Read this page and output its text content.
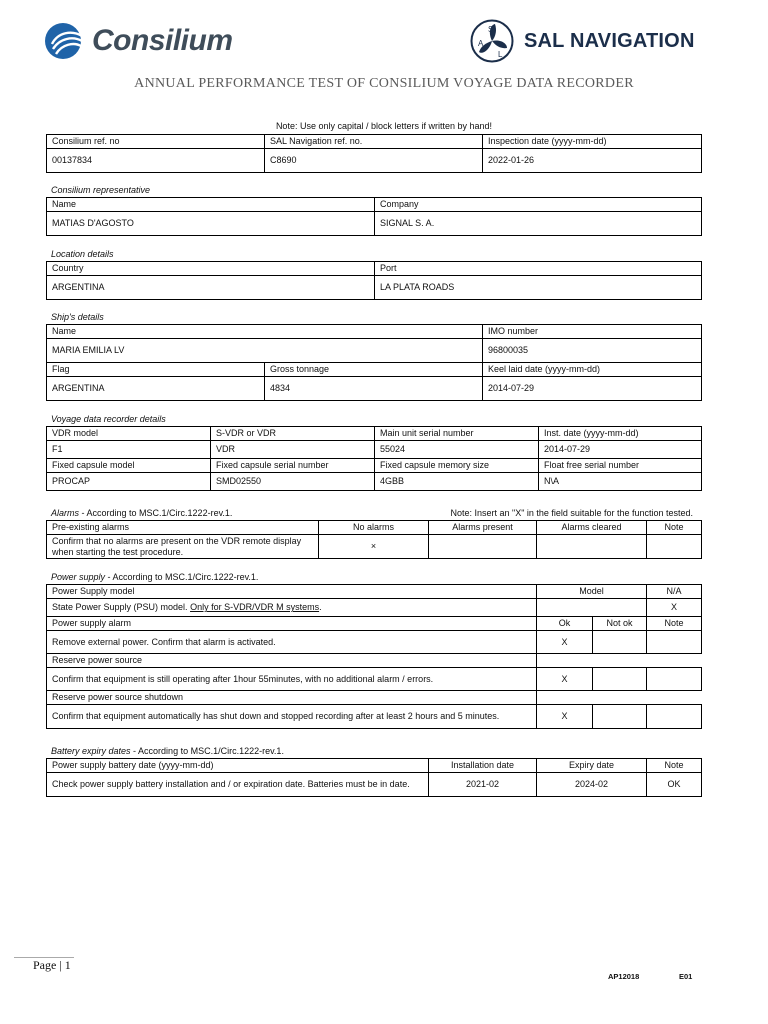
Consilium	S
A
L
SAL NAVIGATION
ANNUAL PERFORMANCE TEST OF CONSILIUM VOYAGE DATA RECORDER
Note: Use only capital / block letters if written by hand!
Consilium ref. no	SAL Navigation ref. no.	Inspection date (yyyy-mm-dd)
00137834	C8690	2022-01-26
Consilium representative
Name	Company
MATIAS D'AGOSTO	SIGNAL S. A.
Location details
Country	Port
ARGENTINA	LA PLATA ROADS
Ship's details
Name		IMO number
MARIA EMILIA LV		96800035
Flag	Gross tonnage	Keel laid date (yyyy-mm-dd)
ARGENTINA	4834	2014-07-29
Voyage data recorder details
VDR model	S-VDR or VDR	Main unit serial number	Inst. date (yyyy-mm-dd)
F1	VDR	55024	2014-07-29
Fixed capsule model	Fixed capsule serial number	Fixed capsule memory size	Float free serial number
PROCAP	SMD02550	4GBB	N\A
Alarms - According to MSC.1/Circ.1222-rev.1.	Note: Insert an "X" in the field suitable for the function tested.
Pre-existing alarms	No alarms	Alarms present	Alarms cleared	Note
Confirm that no alarms are present on the VDR remote display when starting the test procedure.	×			
Power supply - According to MSC.1/Circ.1222-rev.1.
Power Supply model	Model		N/A
State Power Supply (PSU) model. Only for S-VDR/VDR M systems.			X
Power supply alarm	Ok	Not ok	Note
Remove external power. Confirm that alarm is activated.	X		
Reserve power source			
Confirm that equipment is still operating after 1hour 55minutes, with no additional alarm / errors.	X		
Reserve power source shutdown			
Confirm that equipment automatically has shut down and stopped recording after at least 2 hours and 5 minutes.	X		
Battery expiry dates - According to MSC.1/Circ.1222-rev.1.
Power supply battery date (yyyy-mm-dd)	Installation date	Expiry date	Note
Check power supply battery installation and / or expiration date. Batteries must be in date.	2021-02	2024-02	OK
Page | 1
AP12018	E01
